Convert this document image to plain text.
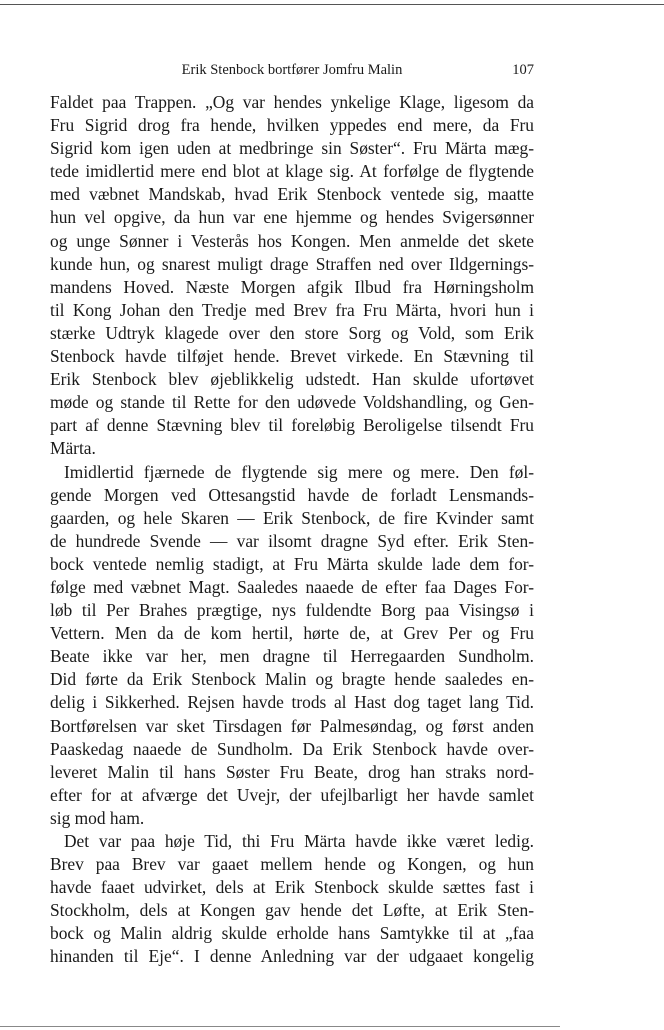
Erik Stenbock bortfører Jomfru Malin	107
Faldet paa Trappen. „Og var hendes ynkelige Klage, ligesom da
Fru Sigrid drog fra hende, hvilken yppedes end mere, da Fru
Sigrid kom igen uden at medbringe sin Søster“. Fru Märta mæg-
tede imidlertid mere end blot at klage sig. At forfølge de flygtende
med væbnet Mandskab, hvad Erik Stenbock ventede sig, maatte
hun vel opgive, da hun var ene hjemme og hendes Svigersønner
og unge Sønner i Vesterås hos Kongen. Men anmelde det skete
kunde hun, og snarest muligt drage Straffen ned over Ildgernings-
mandens Hoved. Næste Morgen afgik Ilbud fra Hørningsholm
til Kong Johan den Tredje med Brev fra Fru Märta, hvori hun i
stærke Udtryk klagede over den store Sorg og Vold, som Erik
Stenbock havde tilføjet hende. Brevet virkede. En Stævning til
Erik Stenbock blev øjeblikkelig udstedt. Han skulde ufortøvet
møde og stande til Rette for den udøvede Voldshandling, og Gen-
part af denne Stævning blev til foreløbig Beroligelse tilsendt Fru
Märta.
Imidlertid fjærnede de flygtende sig mere og mere. Den føl-
gende Morgen ved Ottesangstid havde de forladt Lensmands-
gaarden, og hele Skaren — Erik Stenbock, de fire Kvinder samt
de hundrede Svende — var ilsomt dragne Syd efter. Erik Sten-
bock ventede nemlig stadigt, at Fru Märta skulde lade dem for-
følge med væbnet Magt. Saaledes naaede de efter faa Dages For-
løb til Per Brahes prægtige, nys fuldendte Borg paa Visingsø i
Vettern. Men da de kom hertil, hørte de, at Grev Per og Fru
Beate ikke var her, men dragne til Herregaarden Sundholm.
Did førte da Erik Stenbock Malin og bragte hende saaledes en-
delig i Sikkerhed. Rejsen havde trods al Hast dog taget lang Tid.
Bortførelsen var sket Tirsdagen før Palmesøndag, og først anden
Paaskedag naaede de Sundholm. Da Erik Stenbock havde over-
leveret Malin til hans Søster Fru Beate, drog han straks nord-
efter for at afværge det Uvejr, der ufejlbarligt her havde samlet
sig mod ham.
Det var paa høje Tid, thi Fru Märta havde ikke været ledig.
Brev paa Brev var gaaet mellem hende og Kongen, og hun
havde faaet udvirket, dels at Erik Stenbock skulde sættes fast i
Stockholm, dels at Kongen gav hende det Løfte, at Erik Sten-
bock og Malin aldrig skulde erholde hans Samtykke til at „faa
hinanden til Eje“. I denne Anledning var der udgaaet kongelig
